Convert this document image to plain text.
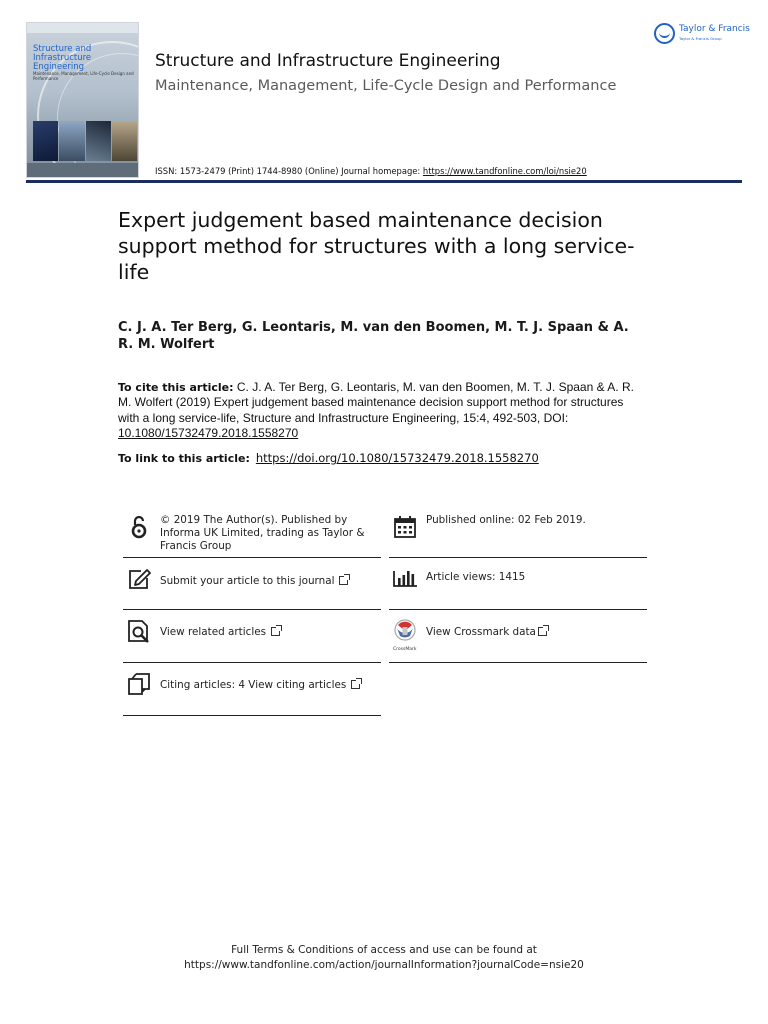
Structure and Infrastructure Engineering
Maintenance, Management, Life-Cycle Design and Performance
Structure and Infrastructure Engineering
Maintenance, Management, Life-Cycle Design and Performance
ISSN: 1573-2479 (Print) 1744-8980 (Online) Journal homepage: https://www.tandfonline.com/loi/nsie20
Taylor & Francis
Taylor & Francis Group
Expert judgement based maintenance decision support method for structures with a long service-life
C. J. A. Ter Berg, G. Leontaris, M. van den Boomen, M. T. J. Spaan & A. R. M. Wolfert
To cite this article: C. J. A. Ter Berg, G. Leontaris, M. van den Boomen, M. T. J. Spaan & A. R. M. Wolfert (2019) Expert judgement based maintenance decision support method for structures with a long service-life, Structure and Infrastructure Engineering, 15:4, 492-503, DOI: 10.1080/15732479.2018.1558270
To link to this article: https://doi.org/10.1080/15732479.2018.1558270
© 2019 The Author(s). Published by Informa UK Limited, trading as Taylor & Francis Group
Published online: 02 Feb 2019.
Submit your article to this journal	Article views: 1415
View related articles
CrossMark
View Crossmark data
Citing articles: 4 View citing articles
Full Terms & Conditions of access and use can be found at
https://www.tandfonline.com/action/journalInformation?journalCode=nsie20
